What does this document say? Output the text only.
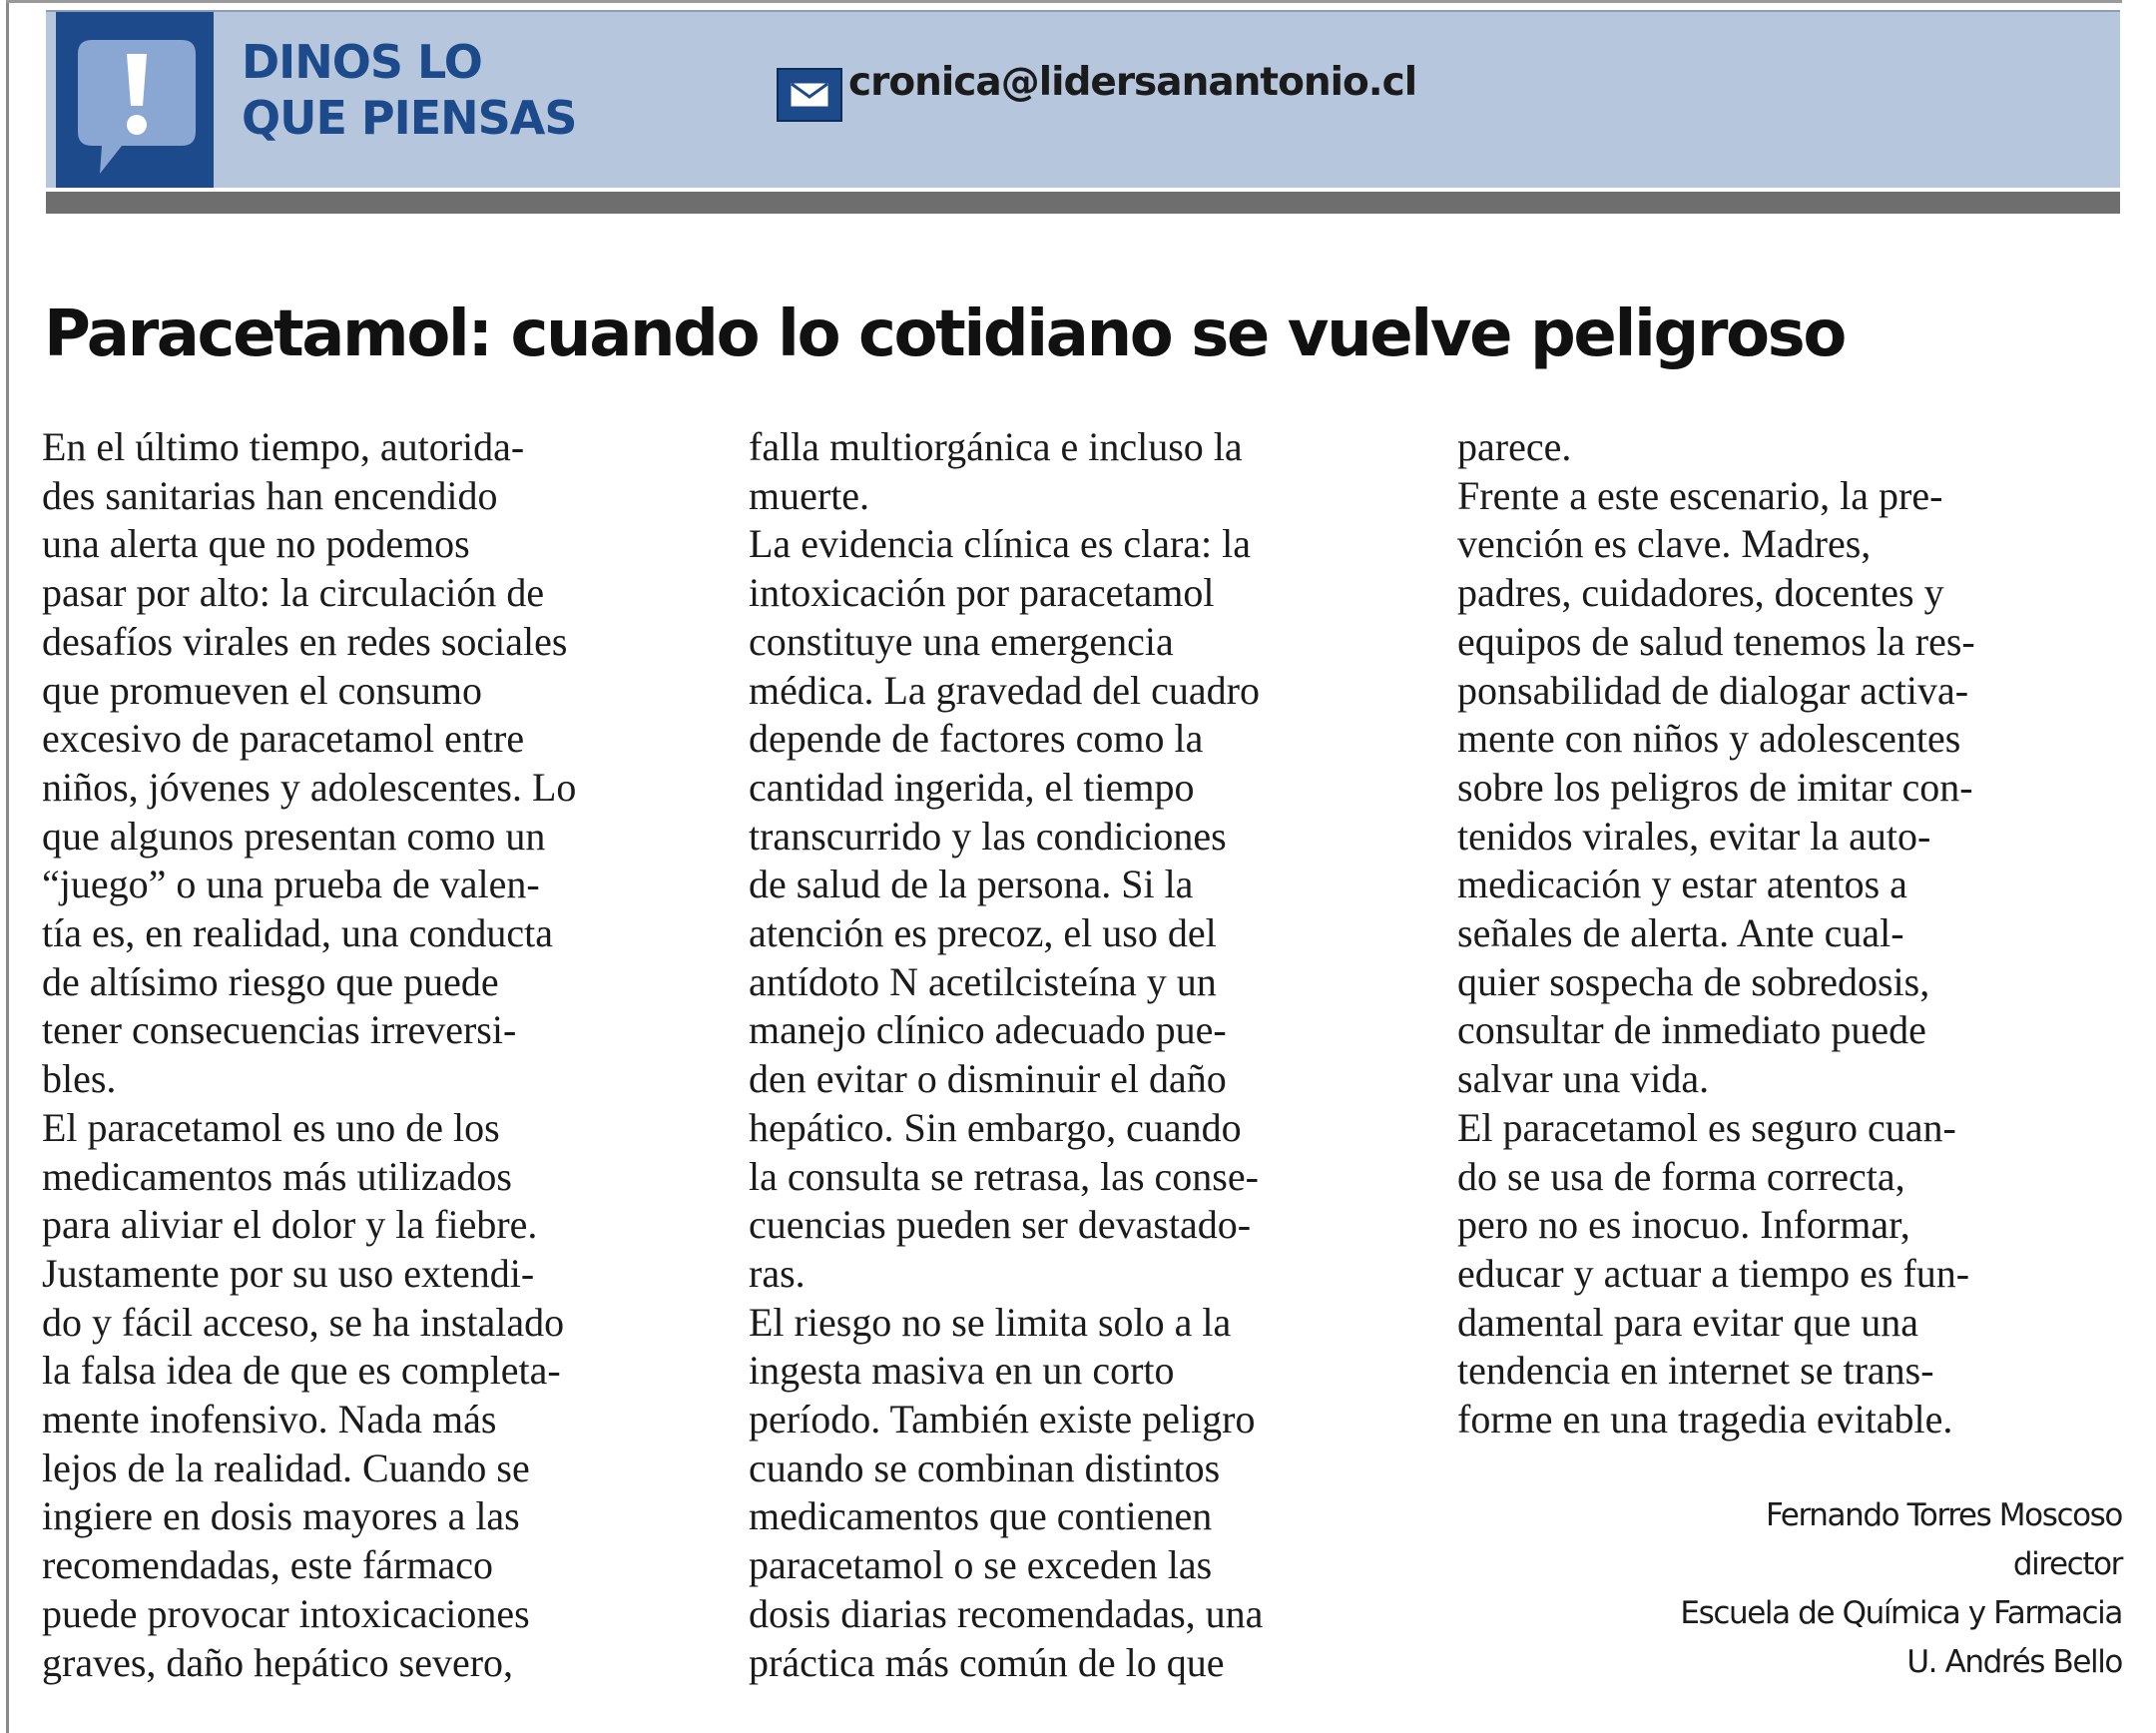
DINOS LO
QUE PIENSAS
cronica@lidersanantonio.cl
Paracetamol: cuando lo cotidiano se vuelve peligroso

En el último tiempo, autorida-
des sanitarias han encendido
una alerta que no podemos
pasar por alto: la circulación de
desafíos virales en redes sociales
que promueven el consumo
excesivo de paracetamol entre
niños, jóvenes y adolescentes. Lo
que algunos presentan como un
“juego” o una prueba de valen-
tía es, en realidad, una conducta
de altísimo riesgo que puede
tener consecuencias irreversi-
bles.

El paracetamol es uno de los
medicamentos más utilizados
para aliviar el dolor y la fiebre.
Justamente por su uso extendi-
do y fácil acceso, se ha instalado
la falsa idea de que es completa-
mente inofensivo. Nada más
lejos de la realidad. Cuando se
ingiere en dosis mayores a las
recomendadas, este fármaco
puede provocar intoxicaciones
graves, daño hepático severo,

falla multiorgánica e incluso la
muerte.

La evidencia clínica es clara: la
intoxicación por paracetamol
constituye una emergencia
médica. La gravedad del cuadro
depende de factores como la
cantidad ingerida, el tiempo
transcurrido y las condiciones
de salud de la persona. Si la
atención es precoz, el uso del
antídoto N acetilcisteína y un
manejo clínico adecuado pue-
den evitar o disminuir el daño
hepático. Sin embargo, cuando
la consulta se retrasa, las conse-
cuencias pueden ser devastado-
ras.

El riesgo no se limita solo a la
ingesta masiva en un corto
período. También existe peligro
cuando se combinan distintos
medicamentos que contienen
paracetamol o se exceden las
dosis diarias recomendadas, una
práctica más común de lo que

parece.

Frente a este escenario, la pre-
vención es clave. Madres,
padres, cuidadores, docentes y
equipos de salud tenemos la res-
ponsabilidad de dialogar activa-
mente con niños y adolescentes
sobre los peligros de imitar con-
tenidos virales, evitar la auto-
medicación y estar atentos a
señales de alerta. Ante cual-
quier sospecha de sobredosis,
consultar de inmediato puede
salvar una vida.

El paracetamol es seguro cuan-
do se usa de forma correcta,
pero no es inocuo. Informar,
educar y actuar a tiempo es fun-
damental para evitar que una
tendencia en internet se trans-
forme en una tragedia evitable.

Fernando Torres Moscoso
director
Escuela de Química y Farmacia
U. Andrés Bello
